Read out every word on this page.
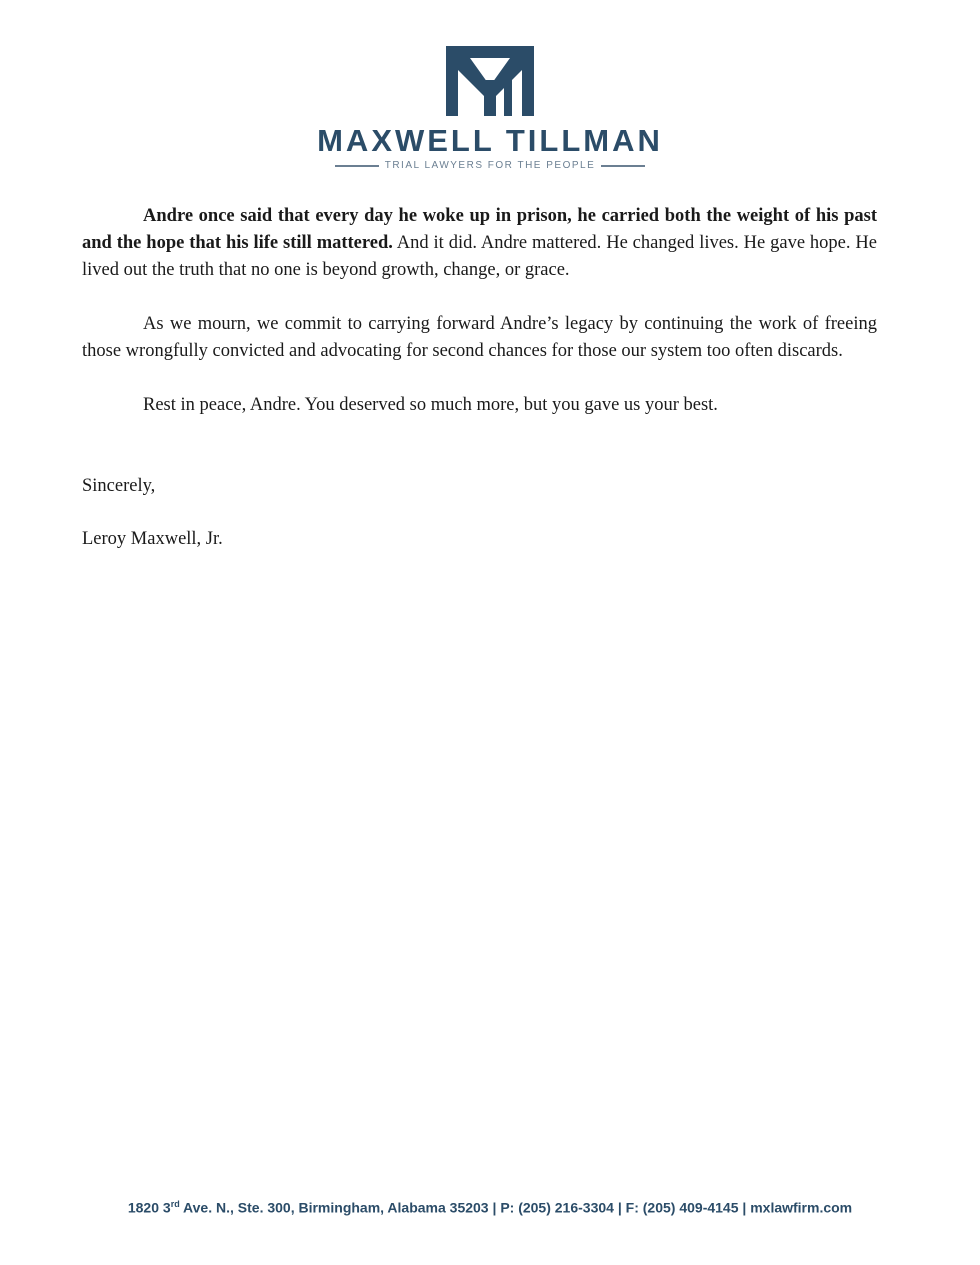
MAXWELL TILLMAN
TRIAL LAWYERS FOR THE PEOPLE

Andre once said that every day he woke up in prison, he carried both the weight of his past and the hope that his life still mattered. And it did. Andre mattered. He changed lives. He gave hope. He lived out the truth that no one is beyond growth, change, or grace.

As we mourn, we commit to carrying forward Andre’s legacy by continuing the work of freeing those wrongfully convicted and advocating for second chances for those our system too often discards.

Rest in peace, Andre. You deserved so much more, but you gave us your best.

Sincerely,

Leroy Maxwell, Jr.

1820 3rd Ave. N., Ste. 300, Birmingham, Alabama 35203 | P: (205) 216-3304 | F: (205) 409-4145 | mxlawfirm.com
